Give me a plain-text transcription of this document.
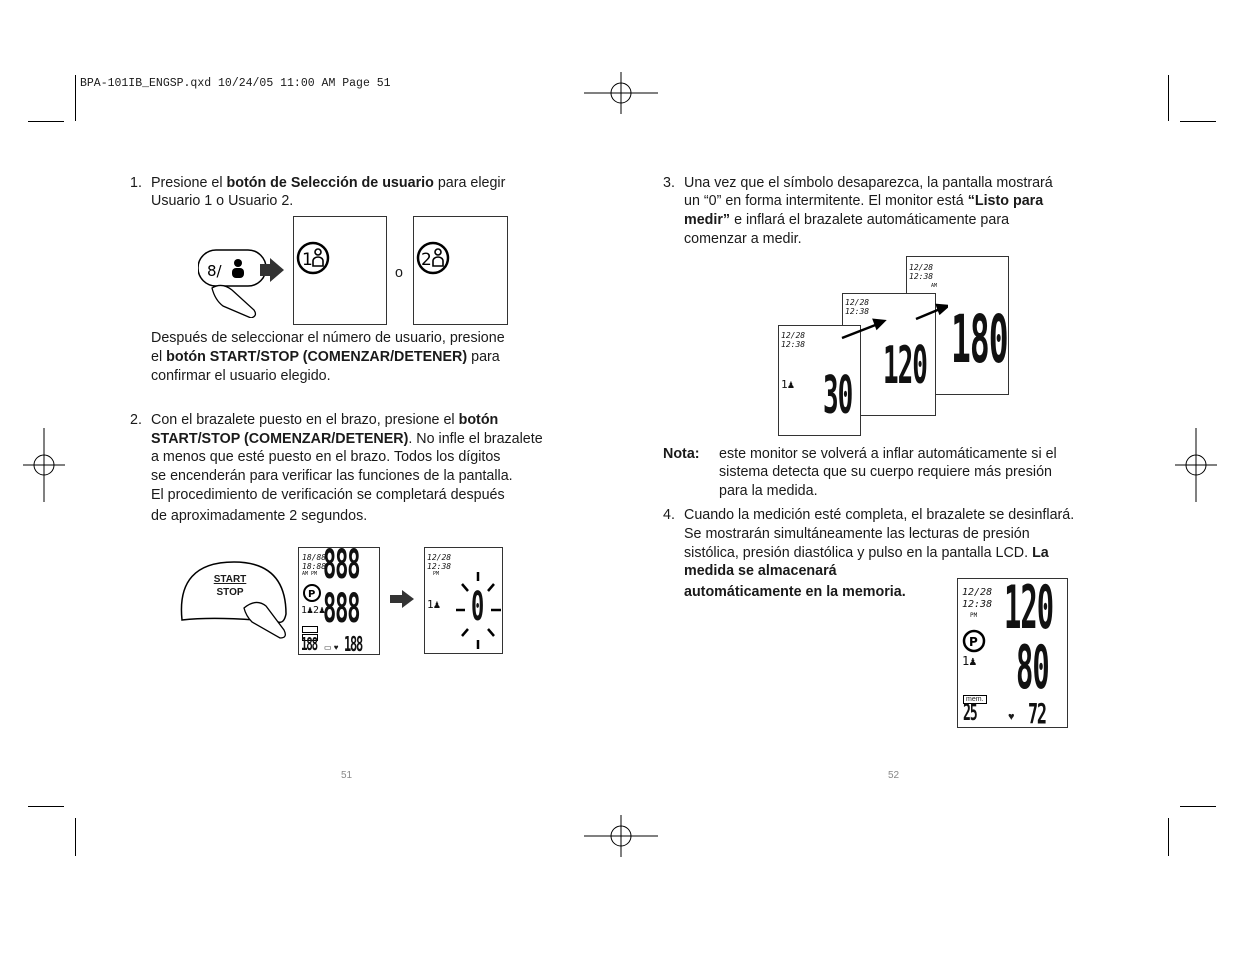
BPA-101IB_ENGSP.qxd 10/24/05 11:00 AM Page 51
1. Presione el botón de Selección de usuario para elegir
Usuario 1 o Usuario 2.
8/
1
o
2
Después de seleccionar el número de usuario, presione
el botón START/STOP (COMENZAR/DETENER) para
confirmar el usuario elegido.
2. Con el brazalete puesto en el brazo, presione el botón
START/STOP (COMENZAR/DETENER). No infle el brazalete
a menos que esté puesto en el brazo. Todos los dígitos
se encenderán para verificar las funciones de la pantalla.
El procedimiento de verificación se completará después
de aproximadamente 2 segundos.
START
STOP
18/88
18:88
AM PM 888
888
P
1♟2♟
188 ▭ ♥ 188
12/28
12:38
PM
1♟ 0
51
3. Una vez que el símbolo desaparezca, la pantalla mostrará
un “0” en forma intermitente. El monitor está “Listo para
medir” e inflará el brazalete automáticamente para
comenzar a medir.
12/28
12:38
AM
180
12/28
12:38
120
12/28
12:38
1♟ 30
Nota: este monitor se volverá a inflar automáticamente si el
sistema detecta que su cuerpo requiere más presión
para la medida.
4. Cuando la medición esté completa, el brazalete se desinflará.
Se mostrarán simultáneamente las lecturas de presión
sistólica, presión diastólica y pulso en la pantalla LCD. La
medida se almacenará
automáticamente en la memoria.	12/28
12:38
PM 120
80
P
1♟
mem.
25	♥ 72
52
